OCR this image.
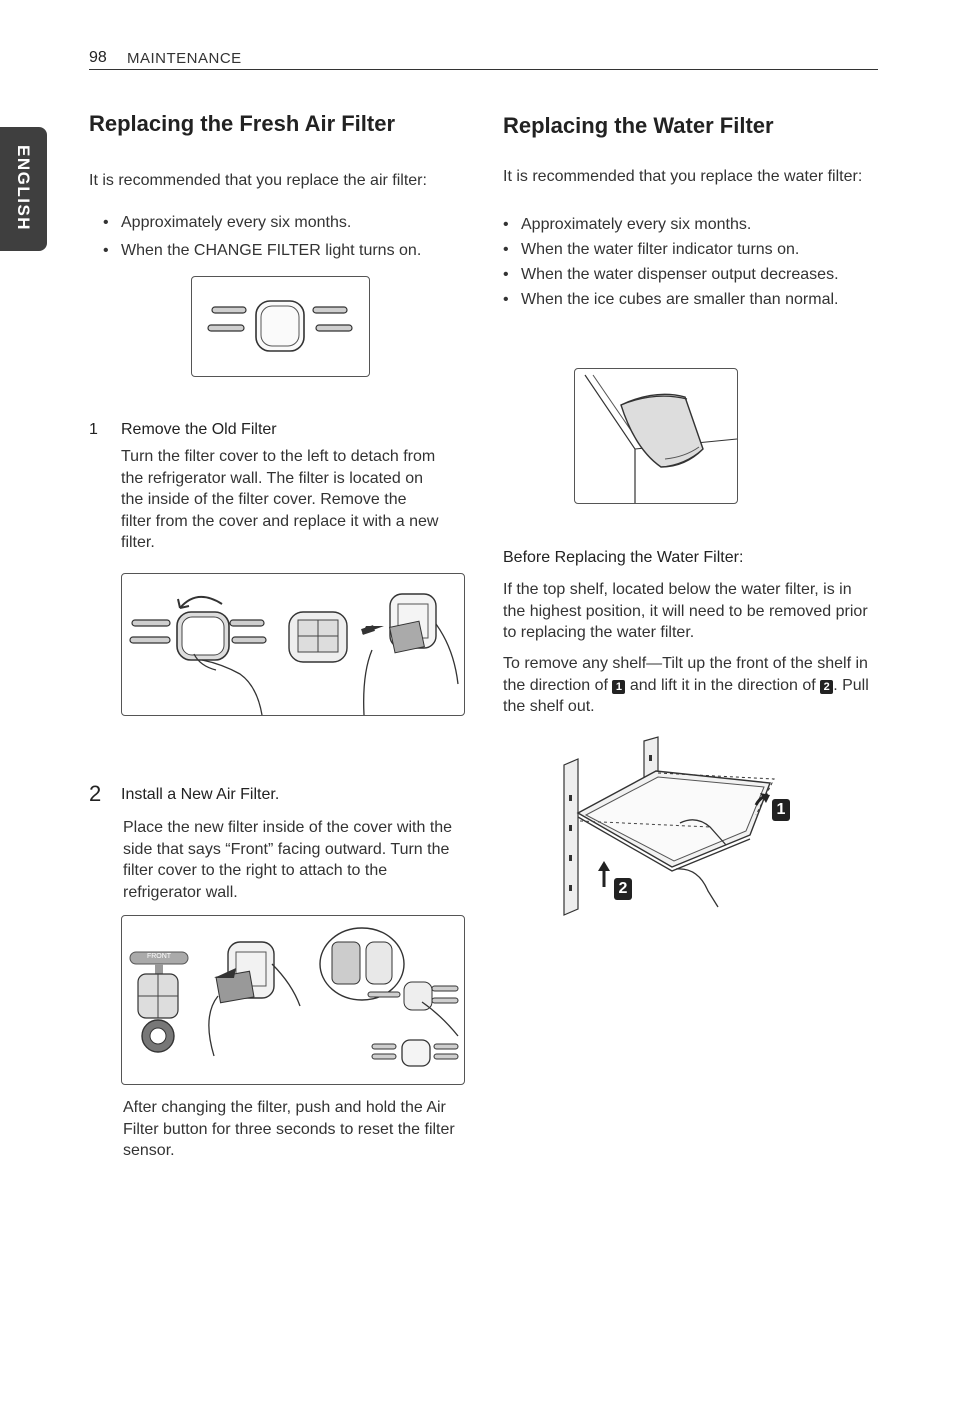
98 MAINTENANCE
ENGLISH
Replacing the Fresh Air Filter

It is recommended that you replace the air filter:

• Approximately every six months.
• When the CHANGE FILTER light turns on.
1 Remove the Old Filter

Turn the filter cover to the left to detach from the refrigerator wall. The filter is located on the inside of the filter cover. Remove the filter from the cover and replace it with a new filter.

2 Install a New Air Filter.

Place the new filter inside of the cover with the side that says “Front” facing outward. Turn the filter cover to the right to attach to the refrigerator wall.

FRONT

After changing the filter, push and hold the Air Filter button for three seconds to reset the filter sensor.

Replacing the Water Filter

It is recommended that you replace the water filter:

• Approximately every six months.
• When the water filter indicator turns on.
• When the water dispenser output decreases.
• When the ice cubes are smaller than normal.
Before Replacing the Water Filter:

If the top shelf, located below the water filter, is in the highest position, it will need to be removed prior to replacing the water filter.

To remove any shelf—Tilt up the front of the shelf in the direction of 1 and lift it in the direction of 2 . Pull the shelf out.

1
2
